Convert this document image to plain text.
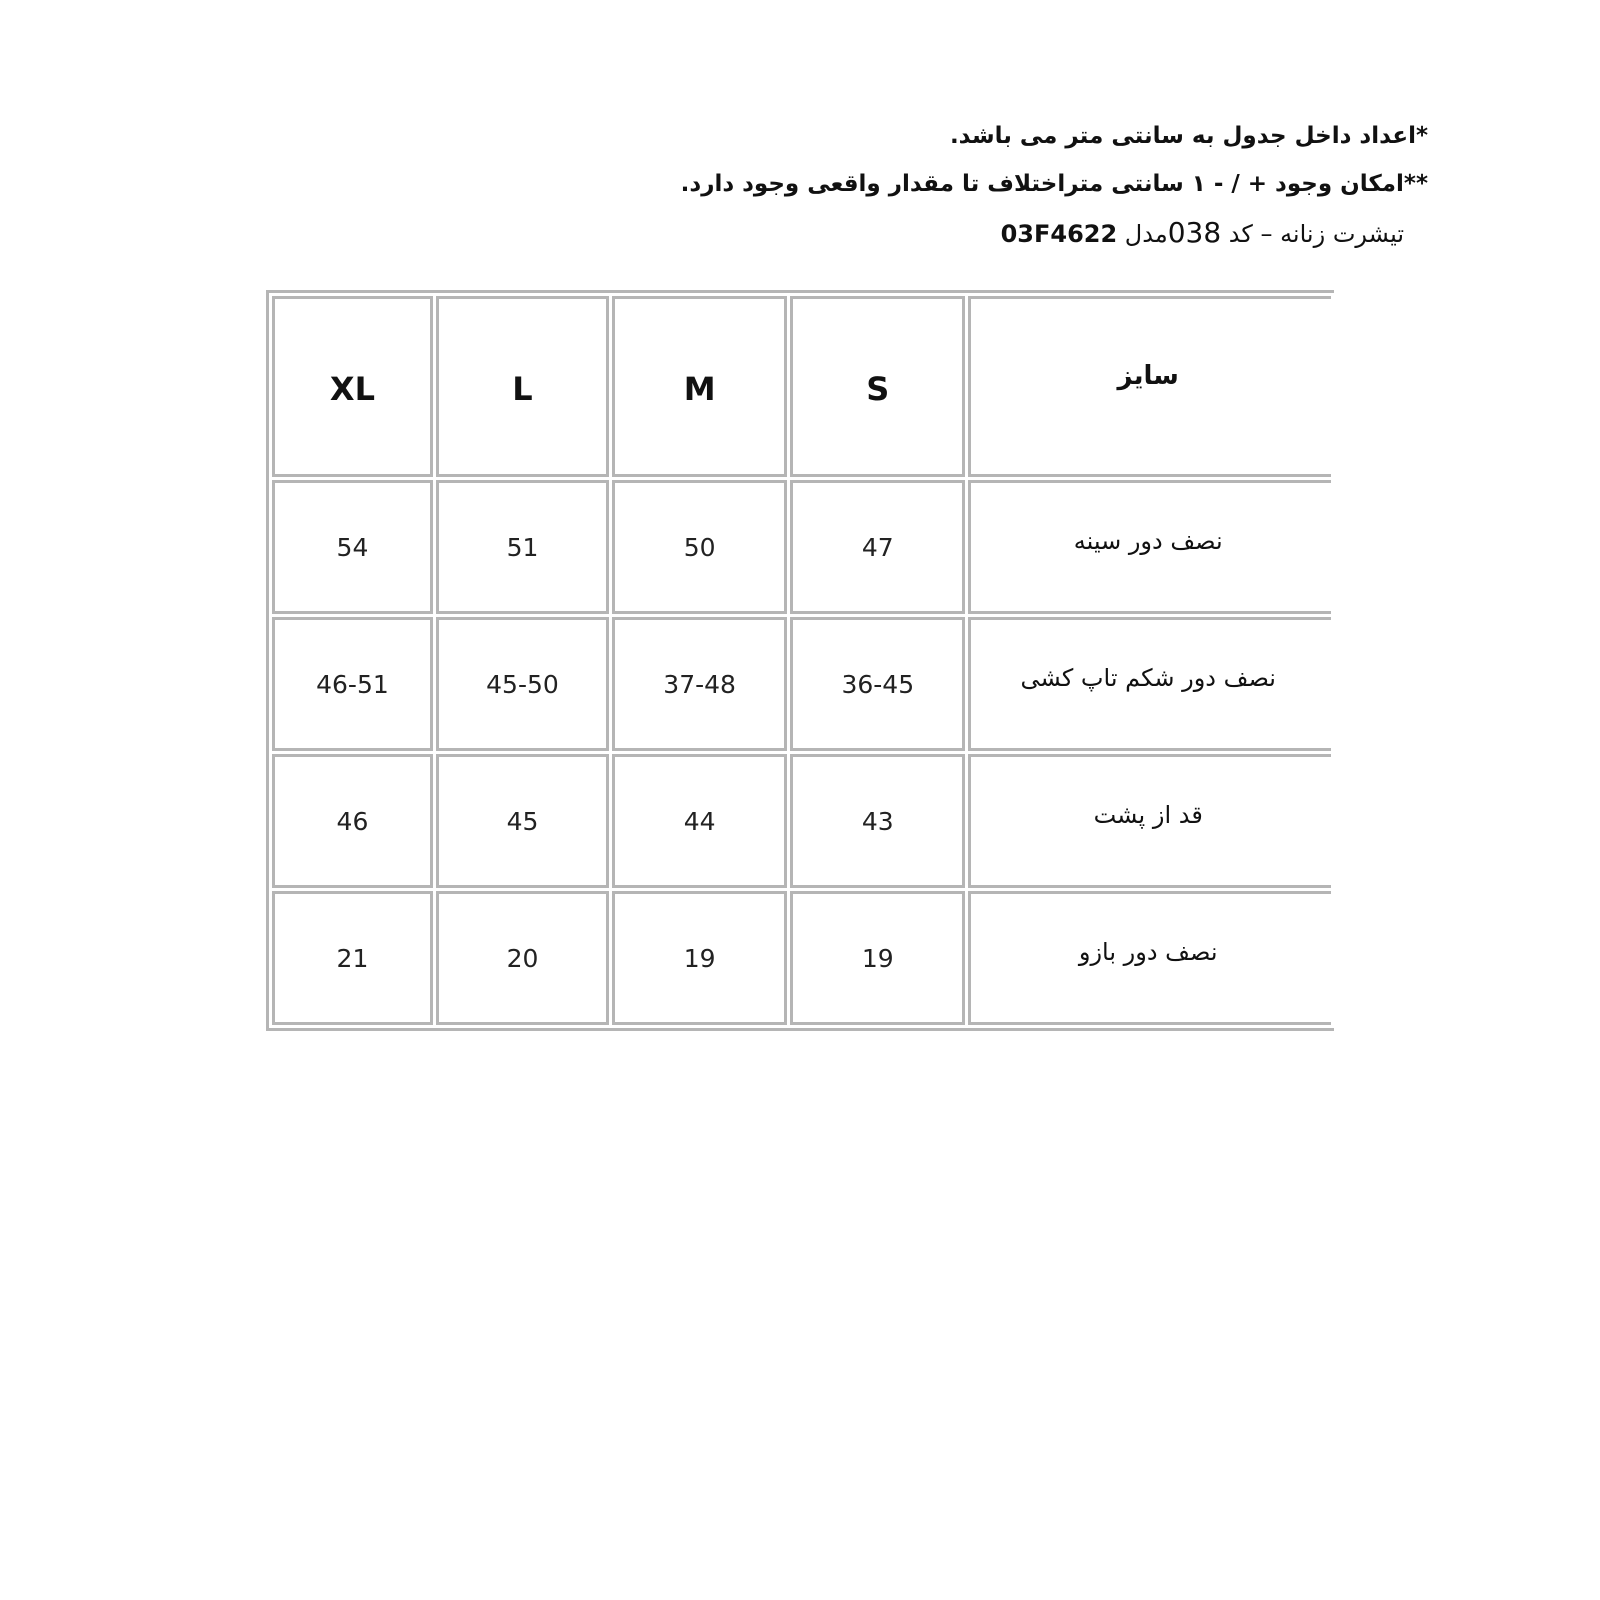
*اعداد داخل جدول به سانتی متر می باشد.
**امکان وجود + / - ۱ سانتی متراختلاف تا مقدار واقعی وجود دارد.
تیشرت زنانه – کد 038مدل 03F4622
XL	L	M	S	سایز
54	51	50	47	نصف دور سینه
46-51	45-50	37-48	36-45	نصف دور شکم تاپ کشی
46	45	44	43	قد از پشت
21	20	19	19	نصف دور بازو
